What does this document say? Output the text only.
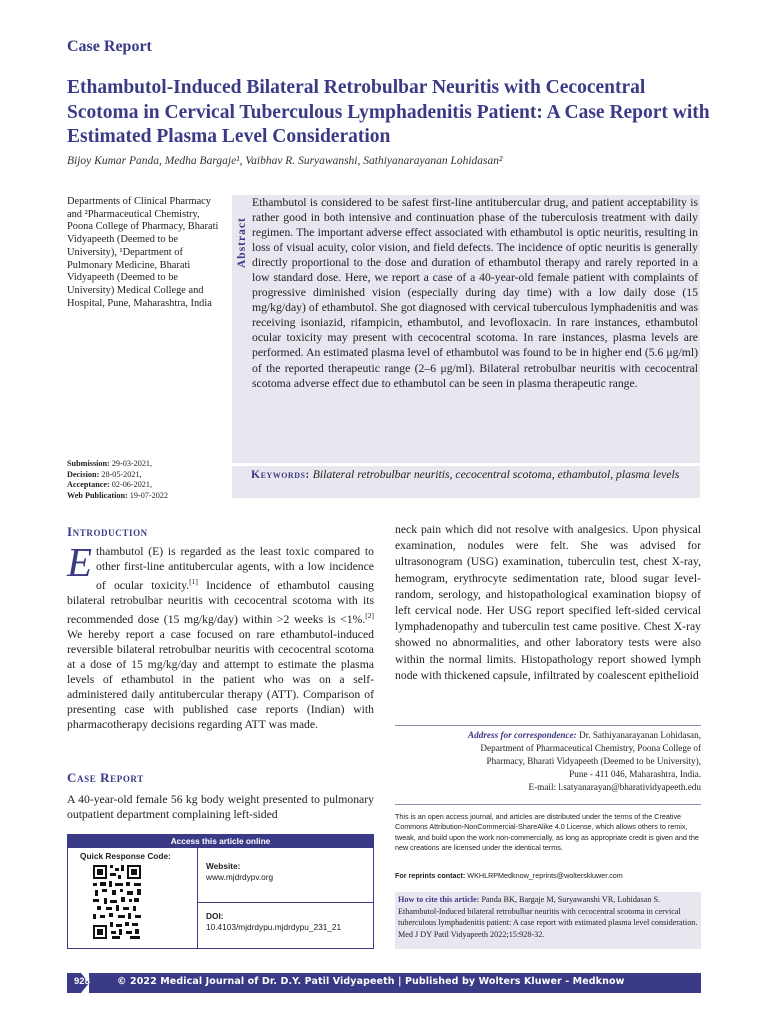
Case Report
Ethambutol-Induced Bilateral Retrobulbar Neuritis with Cecocentral Scotoma in Cervical Tuberculous Lymphadenitis Patient: A Case Report with Estimated Plasma Level Consideration
Bijoy Kumar Panda, Medha Bargaje¹, Vaibhav R. Suryawanshi, Sathiyanarayanan Lohidasan²
Departments of Clinical Pharmacy and ²Pharmaceutical Chemistry, Poona College of Pharmacy, Bharati Vidyapeeth (Deemed to be University), ¹Department of Pulmonary Medicine, Bharati Vidyapeeth (Deemed to be University) Medical College and Hospital, Pune, Maharashtra, India
Submission: 29-03-2021,
Decision: 28-05-2021,
Acceptance: 02-06-2021,
Web Publication: 19-07-2022
Abstract
Ethambutol is considered to be safest first-line antitubercular drug, and patient acceptability is rather good in both intensive and continuation phase of the tuberculosis treatment with daily regimen. The important adverse effect associated with ethambutol is optic neuritis, resulting in loss of visual acuity, color vision, and field defects. The incidence of optic neuritis is generally directly proportional to the dose and duration of ethambutol therapy and rarely reported in a low standard dose. Here, we report a case of a 40-year-old female patient with complaints of progressive diminished vision (especially during day time) with a low daily dose (15 mg/kg/day) of ethambutol. She got diagnosed with cervical tuberculous lymphadenitis and was receiving isoniazid, rifampicin, ethambutol, and levofloxacin. In rare instances, ethambutol ocular toxicity may present with cecocentral scotoma. In rare instances, plasma levels are performed. An estimated plasma level of ethambutol was found to be in higher end (5.6 μg/ml) of the reported therapeutic range (2–6 μg/ml). Bilateral retrobulbar neuritis with cecocentral scotoma adverse effect due to ethambutol can be seen in plasma therapeutic range.
Keywords: Bilateral retrobulbar neuritis, cecocentral scotoma, ethambutol, plasma levels
Introduction
Ethambutol (E) is regarded as the least toxic compared to other first-line antitubercular agents, with a low incidence of ocular toxicity.[1] Incidence of ethambutol causing bilateral retrobulbar neuritis with cecocentral scotoma with its recommended dose (15 mg/kg/day) within >2 weeks is <1%.[2] We hereby report a case focused on rare ethambutol-induced reversible bilateral retrobulbar neuritis with cecocentral scotoma at a dose of 15 mg/kg/day and attempt to estimate the plasma levels of ethambutol in the patient who was on a self-administered daily antitubercular therapy (ATT). Comparison of presenting case with published case reports (Indian) with pharmacotherapy decisions regarding ATT was made.
Case Report
A 40-year-old female 56 kg body weight presented to pulmonary outpatient department complaining left-sided
neck pain which did not resolve with analgesics. Upon physical examination, nodules were felt. She was advised for ultrasonogram (USG) examination, tuberculin test, chest X-ray, hemogram, erythrocyte sedimentation rate, blood sugar level-random, serology, and histopathological examination biopsy of left cervical node. Her USG report specified left-sided cervical lymphadenopathy and tuberculin test came positive. Chest X-ray showed no abnormalities, and other laboratory tests were also within the normal limits. Histopathology report showed lymph node with thickened capsule, infiltrated by coalescent epithelioid
Address for correspondence: Dr. Sathiyanarayanan Lohidasan,
Department of Pharmaceutical Chemistry, Poona College of
Pharmacy, Bharati Vidyapeeth (Deemed to be University),
Pune - 411 046, Maharashtra, India.
E-mail: l.satyanarayan@bharatividyapeeth.edu
This is an open access journal, and articles are distributed under the terms of the Creative Commons Attribution-NonCommercial-ShareAlike 4.0 License, which allows others to remix, tweak, and build upon the work non-commercially, as long as appropriate credit is given and the new creations are licensed under the identical terms.
For reprints contact: WKHLRPMedknow_reprints@wolterskluwer.com
How to cite this article: Panda BK, Bargaje M, Suryawanshi VR, Lohidasan S. Ethambutol-Induced bilateral retrobulbar neuritis with cecocentral scotoma in cervical tuberculous lymphadenitis patient: A case report with estimated plasma level consideration. Med J DY Patil Vidyapeeth 2022;15:928-32.
Access this article online
Quick Response Code:
Website:
www.mjdrdypv.org
DOI:
10.4103/mjdrdypu.mjdrdypu_231_21
928	© 2022 Medical Journal of Dr. D.Y. Patil Vidyapeeth | Published by Wolters Kluwer - Medknow
